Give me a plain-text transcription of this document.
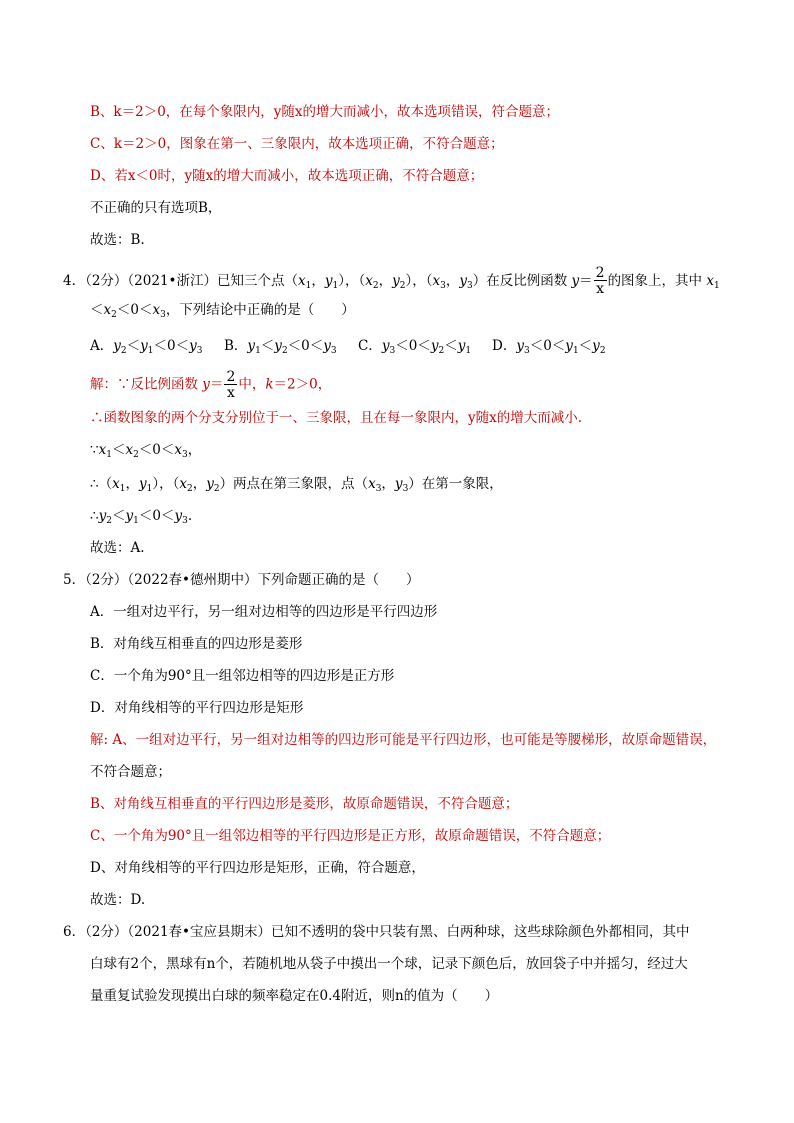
B、k＝2＞0，在每个象限内，y随x的增大而减小，故本选项错误，符合题意；
C、k＝2＞0，图象在第一、三象限内，故本选项正确，不符合题意；
D、若x＜0时，y随x的增大而减小，故本选项正确，不符合题意；
不正确的只有选项B，
故选：B.
4．（2分）（2021•浙江）已知三个点（$x_1$，$y_1$），（$x_2$，$y_2$），（$x_3$，$y_3$）在反比例函数 $y= \frac{2}{x}$ 的图象上，其中 $x_1$
$<x_2<0<x_3$，下列结论中正确的是（　　）
A．$y_2<y_1<0<y_3$ B．$y_1<y_2<0<y_3$ C．$y_3<0<y_2<y_1$ D．$y_3<0<y_1<y_2$
解：∵反比例函数 $y= \frac{2}{x}$ 中，k＝2＞0，
∴函数图象的两个分支分别位于一、三象限，且在每一象限内，y随x的增大而减小.
$\because x_1<x_2<0<x_3$，
$\therefore(x_1$，$y_1$），（$x_2$，$y_2$）两点在第三象限，点（$x_3$，$y_3$）在第一象限，
$\therefore y_2<y_1<0<y_3$.
故选：A.
5．（2分）（2022春•德州期中）下列命题正确的是（　　）
A．一组对边平行，另一组对边相等的四边形是平行四边形
B．对角线互相垂直的四边形是菱形
C．一个角为90°且一组邻边相等的四边形是正方形
D．对角线相等的平行四边形是矩形
解: A、一组对边平行，另一组对边相等的四边形可能是平行四边形，也可能是等腰梯形，故原命题错误，
不符合题意；
B、对角线互相垂直的平行四边形是菱形，故原命题错误，不符合题意；
C、一个角为90°且一组邻边相等的平行四边形是正方形，故原命题错误，不符合题意；
D、对角线相等的平行四边形是矩形，正确，符合题意，
故选：D.
6．（2分）（2021春•宝应县期末）已知不透明的袋中只装有黑、白两种球，这些球除颜色外都相同，其中
白球有2个，黑球有n个，若随机地从袋子中摸出一个球，记录下颜色后，放回袋子中并摇匀，经过大
量重复试验发现摸出白球的频率稳定在0.4附近，则n的值为（　　）
